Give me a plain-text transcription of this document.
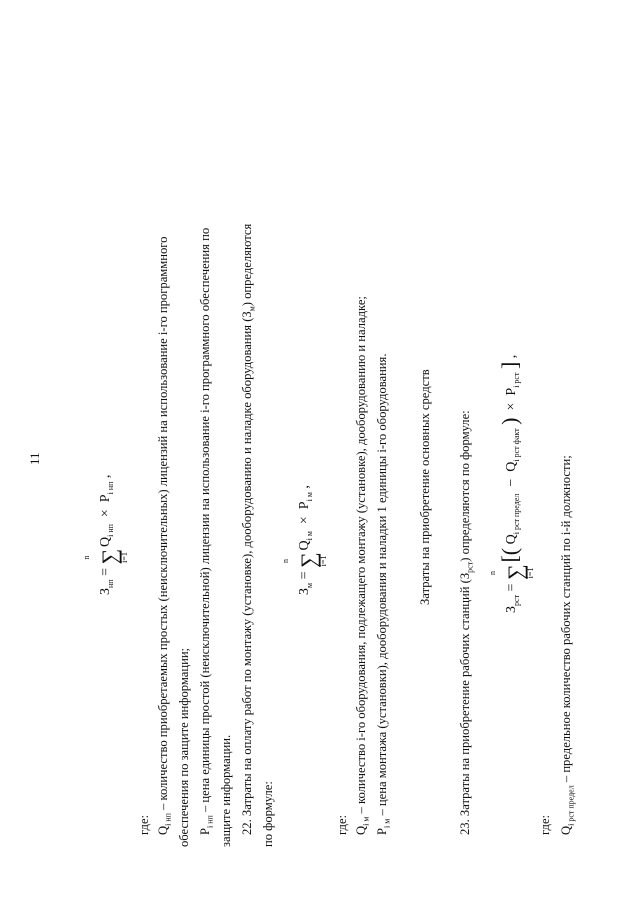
11
$З_{нп}$ =
n ∑
i=1
$Q_{i нп} \times P_{i нп}$ ,
где: $Q_{i нп}$ – количество приобретаемых простых (неисключительных) лицензий на использование i-го программного обеспечения по защите информации; $P_{i нп}$ – цена единицы простой (неисключительной) лицензии на использование i-го программного обеспечения по защите информации. 22. Затраты на оплату работ по монтажу (установке), дооборудованию и наладке оборудования $(З_м)$ определяются
по формуле:
$З_м$ =
n ∑
i=1
$Q_{i м} \times P_{i м}$ ,
где: $Q_{i м}$ – количество i-го оборудования, подлежащего монтажу (установке), дооборудованию и наладке;
$P_{i м}$ – цена монтажа (установки), дооборудования и наладки 1 единицы i-го оборудования. Затраты на приобретение основных средств
23. Затраты на приобретение рабочих станций $(З_{рст})$ определяются по формуле:
$З_{рст}$ =
n ∑
i=1
[( $Q_{i рст предел} - Q_{i рст факт}$ )  ×  $P_{i рст}$ ] ,
где: $Q_{i рст предел}$ – предельное количество рабочих станций по i-й должности;
